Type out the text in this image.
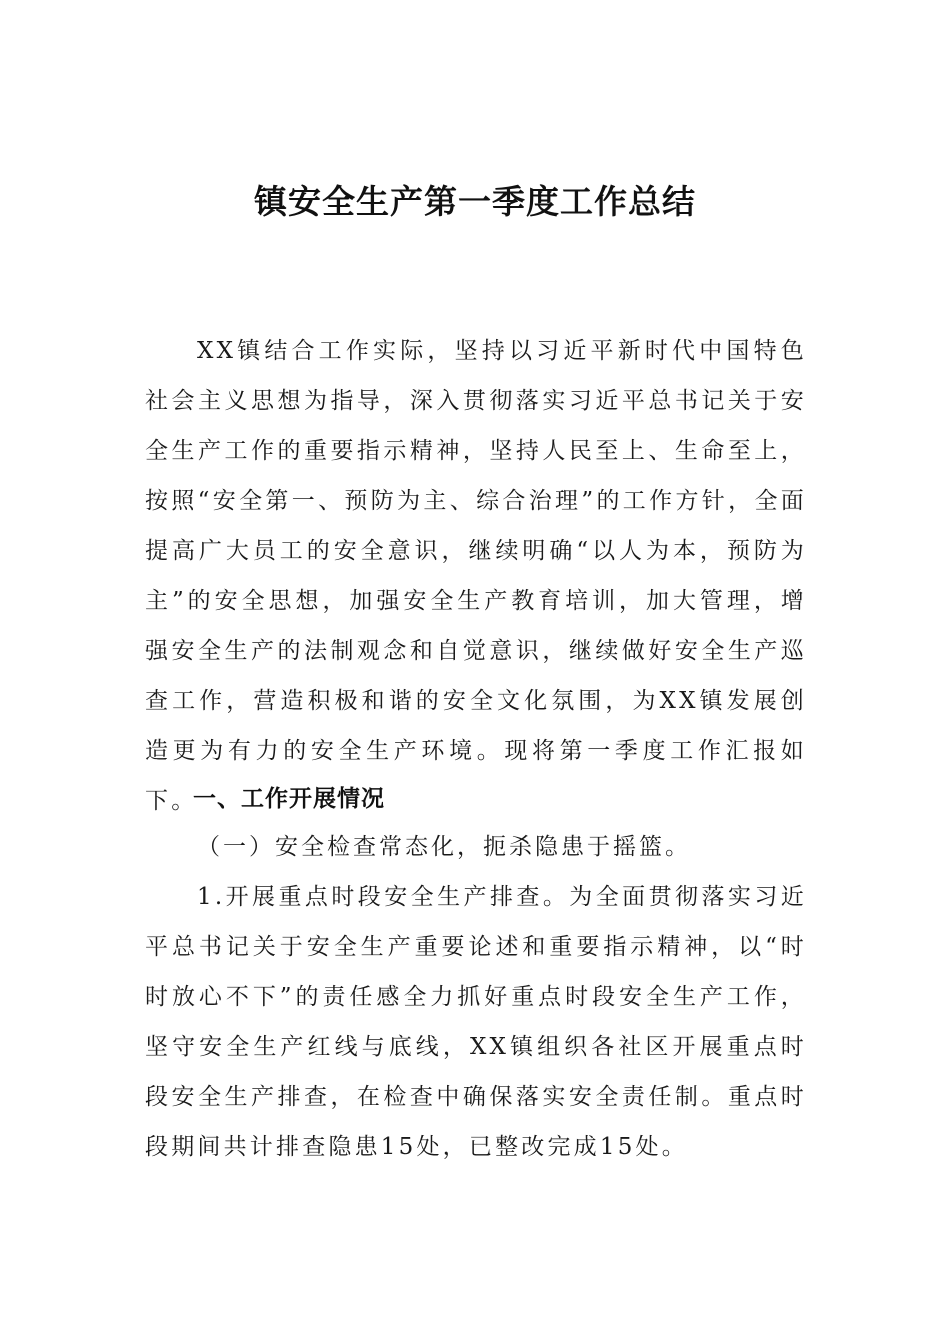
镇安全生产第一季度工作总结

XX镇结合工作实际，坚持以习近平新时代中国特色社会主义思想为指导，深入贯彻落实习近平总书记关于安全生产工作的重要指示精神，坚持人民至上、生命至上，按照“安全第一、预防为主、综合治理”的工作方针，全面提高广大员工的安全意识，继续明确“以人为本，预防为主”的安全思想，加强安全生产教育培训，加大管理，增强安全生产的法制观念和自觉意识，继续做好安全生产巡查工作，营造积极和谐的安全文化氛围，为XX镇发展创造更为有力的安全生产环境。现将第一季度工作汇报如下。

一、工作开展情况
（一）安全检查常态化，扼杀隐患于摇篮。

1.开展重点时段安全生产排查。为全面贯彻落实习近平总书记关于安全生产重要论述和重要指示精神，以“时时放心不下”的责任感全力抓好重点时段安全生产工作，坚守安全生产红线与底线，XX镇组织各社区开展重点时段安全生产排查，在检查中确保落实安全责任制。重点时段期间共计排查隐患15处，已整改完成15处。
